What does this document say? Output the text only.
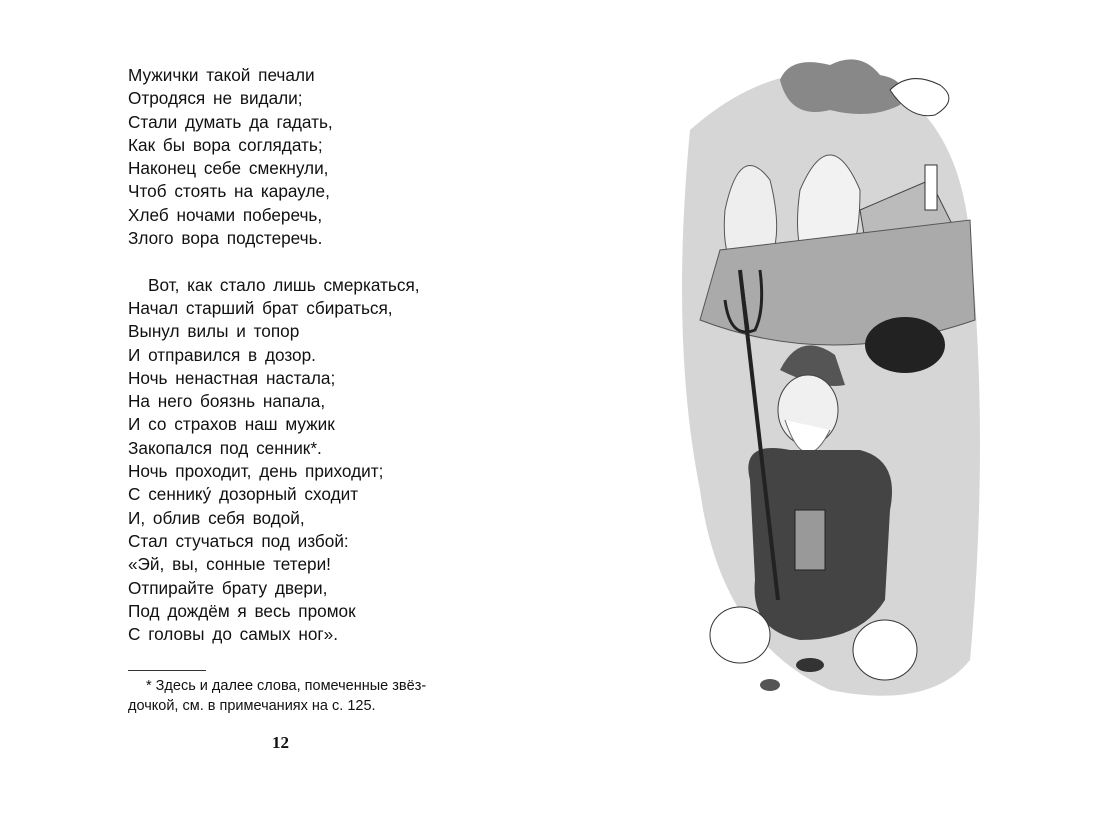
Мужички такой печали
Отродяся не видали;
Стали думать да гадать,
Как бы вора соглядать;
Наконец себе смекнули,
Чтоб стоять на карауле,
Хлеб ночами поберечь,
Злого вора подстеречь.
Вот, как стало лишь смеркаться,
Начал старший брат сбираться,
Вынул вилы и топор
И отправился в дозор.
Ночь ненастная настала;
На него боязнь напала,
И со страхов наш мужик
Закопался под сенник*.
Ночь проходит, день приходит;
С сеннику́ дозорный сходит
И, облив себя водой,
Стал стучаться под избой:
«Эй, вы, сонные тетери!
Отпирайте брату двери,
Под дождём я весь промок
С головы до самых ног».
* Здесь и далее слова, помеченные звёз-
дочкой, см. в примечаниях на с. 125.
12
